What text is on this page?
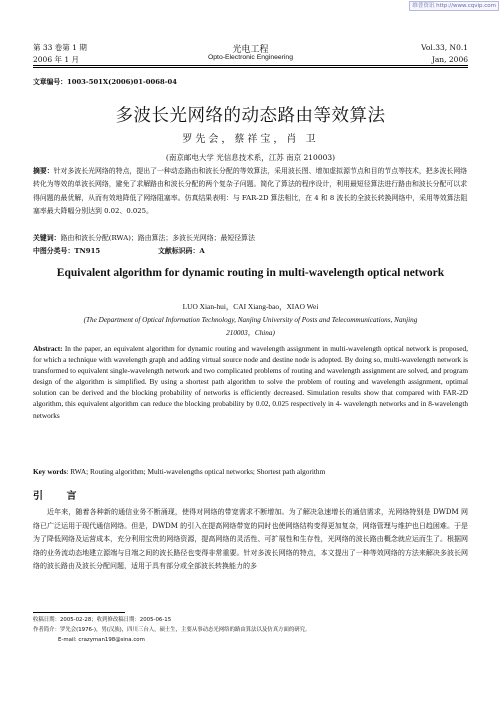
维普资讯 http://www.cqvip.com
第 33 卷第 1 期	光电工程	Vol.33, N0.1
2006 年 1 月	Opto-Electronic Engineering	Jan, 2006
文章编号：1003-501X(2006)01-0068-04
多波长光网络的动态路由等效算法
罗先会，蔡祥宝，肖 卫
(南京邮电大学 光信息技术系，江苏 南京 210003)
摘要：针对多波长光网络的特点，提出了一种动态路由和波长分配的等效算法，采用波长图、增加虚拟源节点和目的节点等技术，把多波长网络转化为等效的单波长网络，避免了求解路由和波长分配的两个复杂子问题。简化了算法的程序设计，利用最短径算法进行路由和波长分配可以求得问题的最优解，从而有效地降低了网络阻塞率。仿真结果表明：与 FAR-2D 算法相比，在 4 和 8 波长的全波长转换网络中，采用等效算法阻塞率最大降幅分别达到 0.02、0.025。
关键词：路由和波长分配(RWA)；路由算法；多波长光网络；最短径算法
中图分类号：TN915	文献标识码：A
Equivalent algorithm for dynamic routing in multi-wavelength optical network
LUO Xian-hui，CAI Xiang-bao，XIAO Wei
(The Department of Optical Information Technology, Nanjing University of Posts and Telecommunications, Nanjing 210003，China)
Abstract: In the paper, an equivalent algorithm for dynamic routing and wavelength assignment in multi-wavelength optical network is proposed, for which a technique with wavelength graph and adding virtual source node and destine node is adopted. By doing so, multi-wavelength network is transformed to equivalent single-wavelength network and two complicated problems of routing and wavelength assignment are solved, and program design of the algorithm is simplified. By using a shortest path algorithm to solve the problem of routing and wavelength assignment, optimal solution can be derived and the blocking probability of networks is efficiently decreased. Simulation results show that compared with FAR-2D algorithm, this equivalent algorithm can reduce the blocking probability by 0.02, 0.025 respectively in 4- wavelength networks and in 8-wavelength networks
Key words: RWA; Routing algorithm; Multi-wavelengths optical networks; Shortest path algorithm
引 言
近年来，随着各种新的通信业务不断涌现，使得对网络的带宽需求不断增加。为了解决急速增长的通信需求，光网络特别是 DWDM 网络已广泛运用于现代通信网络。但是，DWDM 的引入在提高网络带宽的同时也使网络结构变得更加复杂，网络管理与维护也日趋困难。于是为了降低网络及运营成本，充分利用宝贵的网络资源，提高网络的灵活性、可扩展性和生存性，光网络的波长路由概念就应运而生了。根据网络的业务流动态地建立源端与目端之间的波长路径也变得非常重要。针对多波长网络的特点，本文提出了一种等效网络的方法来解决多波长网络的波长路由及波长分配问题，适用于具有部分或全部波长转换能力的多
收稿日期：2005-02-28；收到修改稿日期：2005-06-15
作者简介：罗先会(1976-)，男(汉族)，四川三台人，硕士生，主要从事动态光网络的路由算法以及仿真方面的研究。
E-mail: crazyman198@sina.com
